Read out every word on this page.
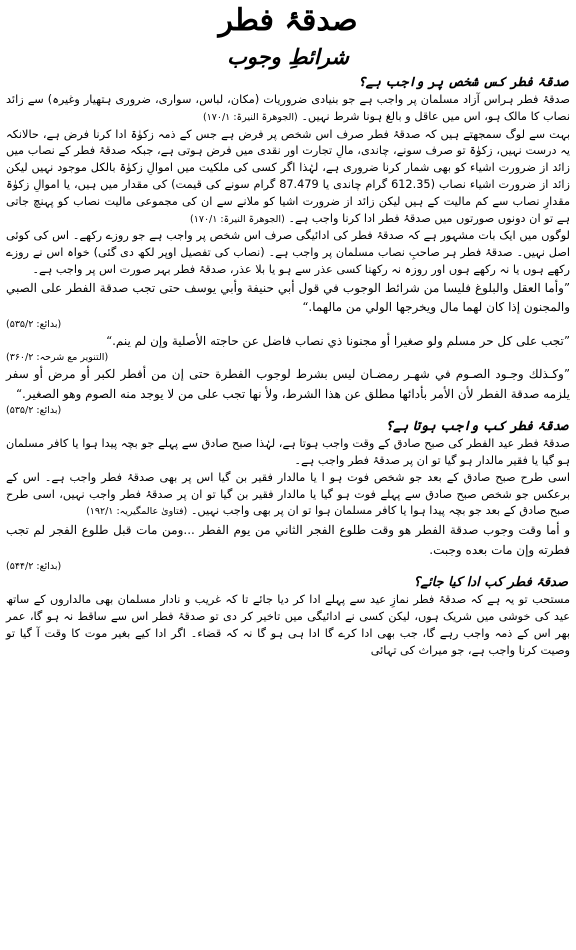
صدقۂ فطر
شرائطِ وجوب
صدقۂ فطر کس شخص پر واجب ہے؟

صدقۂ فطر ہراس آزاد مسلمان پر واجب ہے جو بنیادی ضروریات (مکان، لباس، سواری، ضروری ہتھیار وغیرہ) سے زائد نصاب کا مالک ہو، اس میں عاقل و بالغ ہونا شرط نہیں۔ (الجوھرۃ النیرۃ: ۱۷۰/۱)

بہت سے لوگ سمجھتے ہیں کہ صدقۂ فطر صرف اس شخص پر فرض ہے جس کے ذمہ زکوٰۃ ادا کرنا فرض ہے، حالانکہ یہ درست نہیں، زکوٰۃ تو صرف سونے، چاندی، مالِ تجارت اور نقدی میں فرض ہوتی ہے، جبکہ صدقۂ فطر کے نصاب میں زائد از ضرورت اشیاء کو بھی شمار کرنا ضروری ہے، لہٰذا اگر کسی کی ملکیت میں اموالِ زکوٰۃ بالکل موجود نہیں لیکن زائد از ضرورت اشیاء نصاب (612.35 گرام چاندی یا 87.479 گرام سونے کی قیمت) کی مقدار میں ہیں، یا اموالِ زکوٰۃ مقدارِ نصاب سے کم مالیت کے ہیں لیکن زائد از ضرورت اشیا کو ملانے سے ان کی مجموعی مالیت نصاب کو پہنچ جاتی ہے تو ان دونوں صورتوں میں صدقۂ فطر ادا کرنا واجب ہے۔ (الجوھرۃ النیرۃ: ۱۷۰/۱)

لوگوں میں ایک بات مشہور ہے کہ صدقۂ فطر کی ادائیگی صرف اس شخص پر واجب ہے جو روزے رکھے۔ اس کی کوئی اصل نہیں۔ صدقۂ فطر ہر صاحبِ نصاب مسلمان پر واجب ہے۔ (نصاب کی تفصیل اوپر لکھ دی گئی) خواہ اس نے روزے رکھے ہوں یا نہ رکھے ہوں اور روزہ نہ رکھنا کسی عذر سے ہو یا بلا عذر، صدقۂ فطر بہر صورت اس پر واجب ہے۔

”وأما العقل والبلوغ فليسا من شرائط الوجوب في قول أبي حنيفة وأبي يوسف حتى تجب صدقة الفطر على الصبي والمجنون إذا كان لهما مال ويخرجها الولي من مالهما.“

(بدائع: ۵۳۵/۲)

”تجب على كل حر مسلم ولو صغيرا أو مجنونا ذي نصاب فاضل عن حاجته الأصلية وإن لم ينم.“

(التنویر مع شرحہ: ۳۶۰/۲)

”وكـذلك وجـود الصـوم في شهـر رمضـان ليس بشرط لوجوب الفطرة حتى إن من أفطر لكبر أو مرض أو سفر يلزمه صدقة الفطر لأن الأمر بأدائها مطلق عن هذا الشرط، ولأ نها تجب على من لا يوجد منه الصوم وهو الصغير.“

(بدائع: ۵۳۵/۲)

صدقۂ فطر کب واجب ہوتا ہے؟

صدقۂ فطر عید الفطر کی صبح صادق کے وقت واجب ہوتا ہے، لہٰذا صبح صادق سے پہلے جو بچہ پیدا ہوا یا کافر مسلمان ہو گیا یا فقیر مالدار ہو گیا تو ان پر صدقۂ فطر واجب ہے۔

اسی طرح صبح صادق کے بعد جو شخص فوت ہو ا یا مالدار فقیر بن گیا اس پر بھی صدقۂ فطر واجب ہے۔ اس کے برعکس جو شخص صبح صادق سے پہلے فوت ہو گیا یا مالدار فقیر بن گیا تو ان پر صدقۂ فطر واجب نہیں، اسی طرح صبح صادق کے بعد جو بچہ پیدا ہوا یا کافر مسلمان ہوا تو ان پر بھی واجب نہیں۔ (فتاویٰ عالمگیریہ: ۱۹۲/۱)

و أما وقت وجوب صدقة الفطر هو وقت طلوع الفجر الثاني من يوم الفطر ...ومن مات قبل طلوع الفجر لم تجب فطرته وإن مات بعده وجبت.

(بدائع: ۵۴۴/۲)

صدقۂ فطر کب ادا کیا جائے؟

مستحب تو یہ ہے کہ صدقۂ فطر نمازِ عید سے پہلے ادا کر دیا جائے تا کہ غریب و نادار مسلمان بھی مالداروں کے ساتھ عید کی خوشی میں شریک ہوں، لیکن کسی نے ادائیگی میں تاخیر کر دی تو صدقۂ فطر اس سے ساقط نہ ہو گا، عمر بھر اس کے ذمہ واجب رہے گا، جب بھی ادا کرے گا ادا ہی ہو گا نہ کہ قضاء۔ اگر ادا کیے بغیر موت کا وقت آ گیا تو وصیت کرنا واجب ہے، جو میراث کی تہائی
